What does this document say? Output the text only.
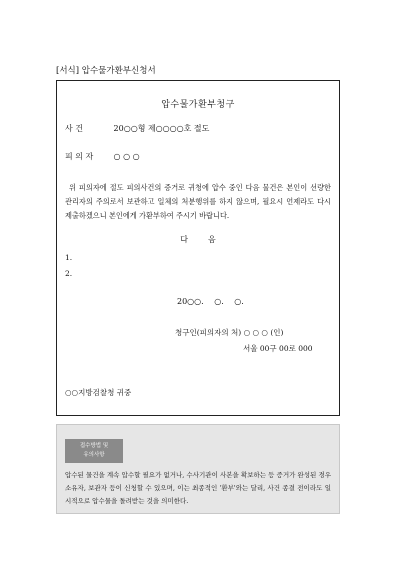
[서식] 압수물가환부신청서
압수물가환부청구
사 건	20○○형 제○○○○호 절도
피 의 자	○ ○ ○
위 피의자에 절도 피의사건의 증거로 귀청에 압수 중인 다음 물건은 본인이 선량한 관리자의 주의로서 보관하고 일체의 처분행위를 하지 않으며, 필요시 언제라도 다시 제출하겠으니 본인에게 가환부하여 주시기 바랍니다.
다음
1.
2.
20○○. ○. ○.
청구인(피의자의 처) ○ ○ ○ (인)
서울 00구 00로 000
○○지방검찰청 귀중
접수방법 및
유의사항
압수된 물건을 계속 압수할 필요가 없거나, 수사기관이 사본을 확보하는 등 증거가 완성된 경우 소유자, 보관자 등이 신청할 수 있으며, 이는 최종적인 '환부'와는 달리, 사건 종결 전이라도 일시적으로 압수물을 돌려받는 것을 의미한다.
